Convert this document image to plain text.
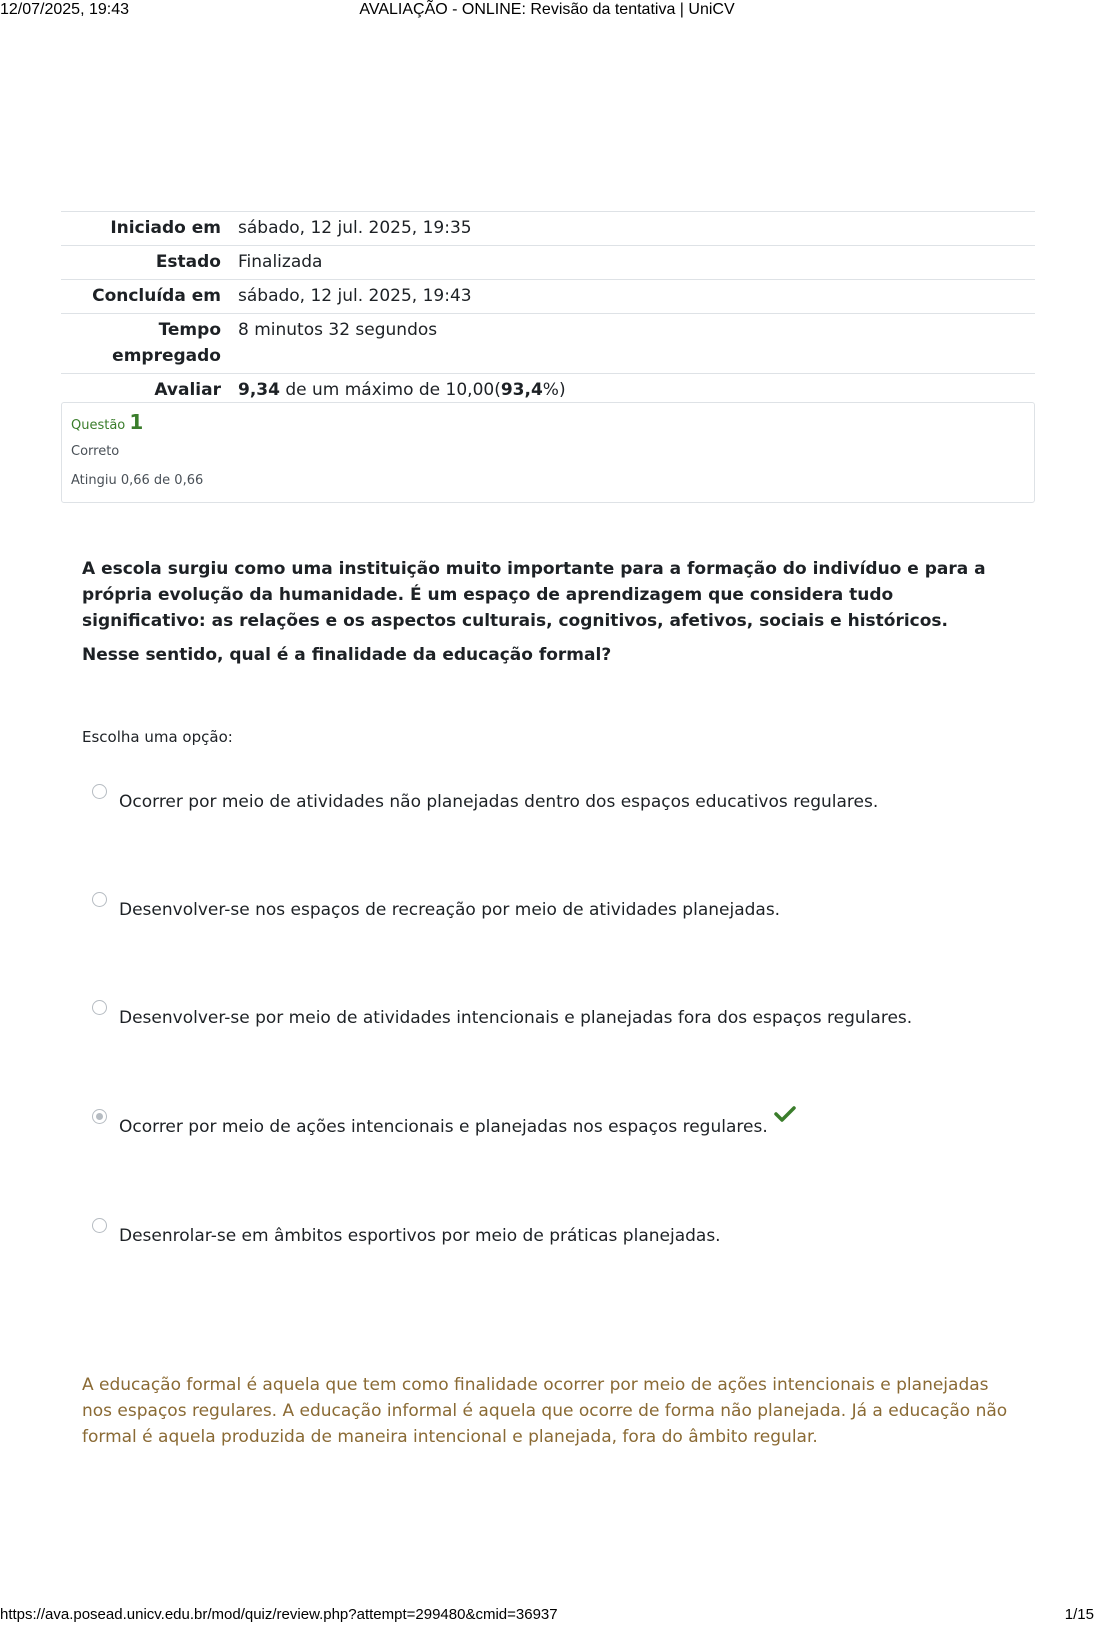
12/07/2025, 19:43	AVALIAÇÃO - ONLINE: Revisão da tentativa | UniCV
Iniciado em	sábado, 12 jul. 2025, 19:35
Estado	Finalizada
Concluída em	sábado, 12 jul. 2025, 19:43
Tempo
empregado	8 minutos 32 segundos
Avaliar	9,34 de um máximo de 10,00(93,4%)
Questão 1
Correto
Atingiu 0,66 de 0,66

A escola surgiu como uma instituição muito importante para a formação do indivíduo e para a própria evolução da humanidade. É um espaço de aprendizagem que considera tudo significativo: as relações e os aspectos culturais, cognitivos, afetivos, sociais e históricos.

Nesse sentido, qual é a finalidade da educação formal?

Escolha uma opção:
Ocorrer por meio de atividades não planejadas dentro dos espaços educativos regulares.
Desenvolver-se nos espaços de recreação por meio de atividades planejadas.
Desenvolver-se por meio de atividades intencionais e planejadas fora dos espaços regulares.
Ocorrer por meio de ações intencionais e planejadas nos espaços regulares.
Desenrolar-se em âmbitos esportivos por meio de práticas planejadas.
A educação formal é aquela que tem como finalidade ocorrer por meio de ações intencionais e planejadas nos espaços regulares. A educação informal é aquela que ocorre de forma não planejada. Já a educação não formal é aquela produzida de maneira intencional e planejada, fora do âmbito regular.
https://ava.posead.unicv.edu.br/mod/quiz/review.php?attempt=299480&cmid=36937	1/15
